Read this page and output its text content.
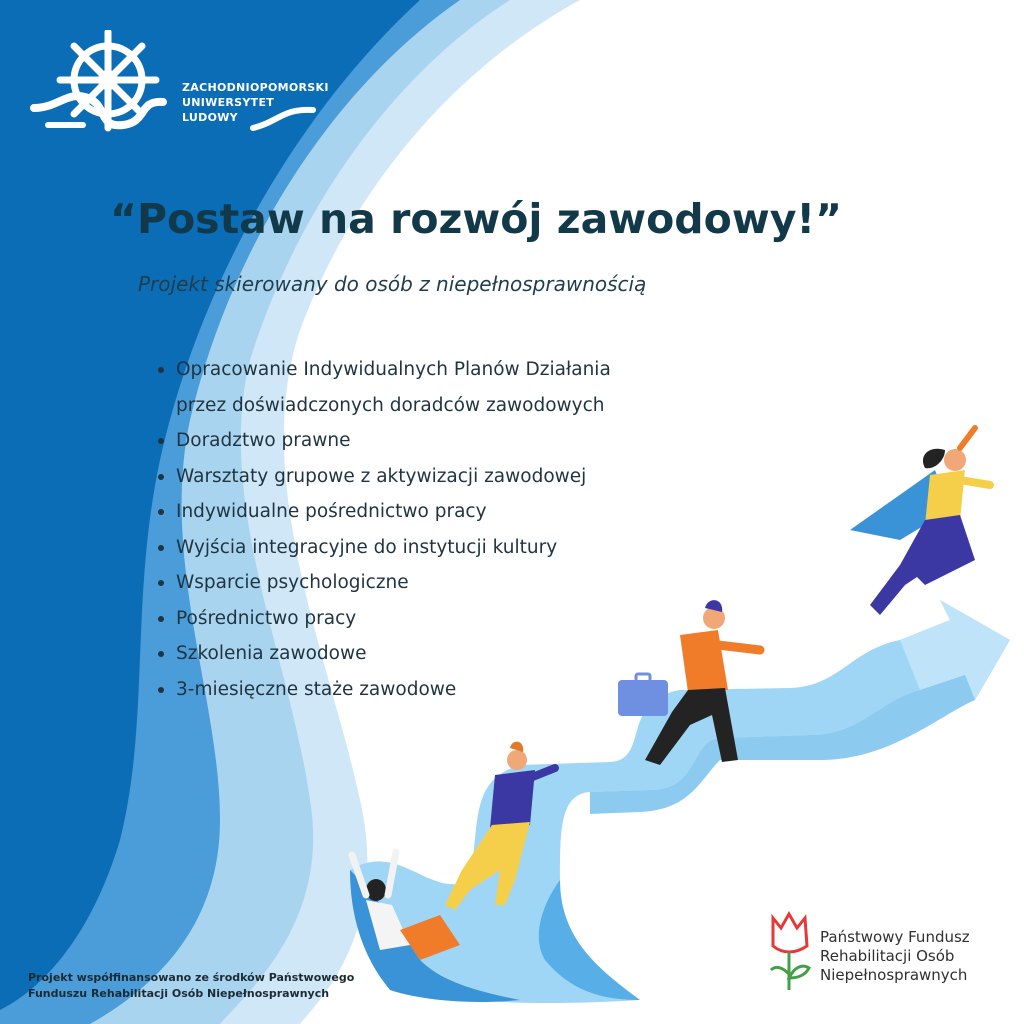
ZACHODNIOPOMORSKI
UNIWERSYTET
LUDOWY
“Postaw na rozwój zawodowy!”
Projekt skierowany do osób z niepełnosprawnością
Opracowanie Indywidualnych Planów Działania
przez doświadczonych doradców zawodowych
Doradztwo prawne
Warsztaty grupowe z aktywizacji zawodowej
Indywidualne pośrednictwo pracy
Wyjścia integracyjne do instytucji kultury
Wsparcie psychologiczne
Pośrednictwo pracy
Szkolenia zawodowe
3-miesięczne staże zawodowe
Projekt współfinansowano ze środków Państwowego
Funduszu Rehabilitacji Osób Niepełnosprawnych
Państwowy Fundusz
Rehabilitacji Osób
Niepełnosprawnych
